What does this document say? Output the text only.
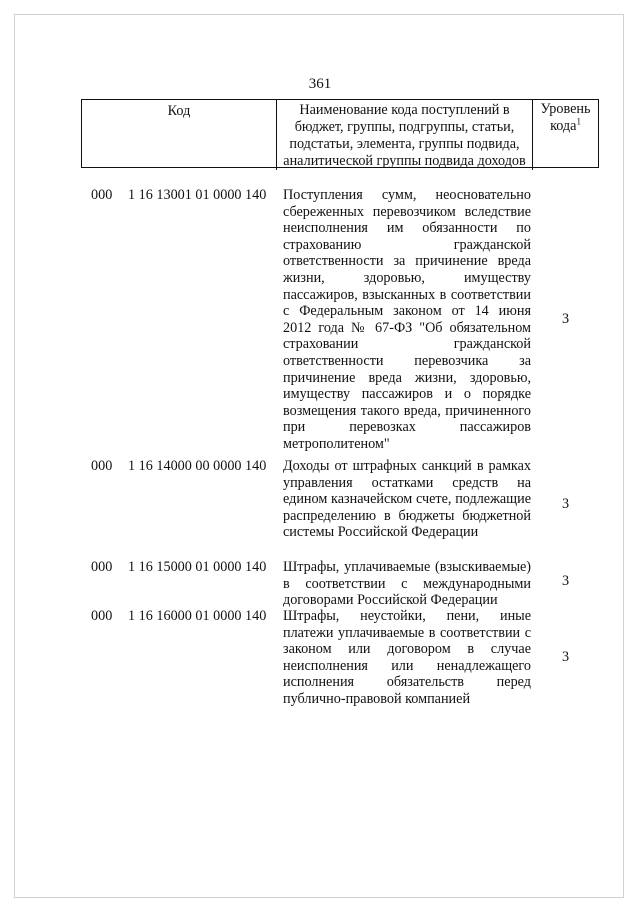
361
Код	Наименование кода поступлений в бюджет, группы, подгруппы, статьи, подстатьи, элемента, группы подвида, аналитической группы подвида доходов
Уровень кода$^1$
000 1 16 13001 01 0000 140 Поступления сумм, неосновательно сбереженных перевозчиком вследствие неисполнения им обязанности по страхованию гражданской ответственности за причинение вреда жизни, здоровью, имуществу пассажиров, взысканных в соответствии с Федеральным законом от 14 июня 2012 года № 67-ФЗ "Об обязательном страховании гражданской ответственности перевозчика за причинение вреда жизни, здоровью, имуществу пассажиров и о порядке возмещения такого вреда, причиненного при перевозках пассажиров метрополитеном"
3
000 1 16 14000 00 0000 140 Доходы от штрафных санкций в рамках управления остатками средств на едином казначейском счете, подлежащие распределению в бюджеты бюджетной системы Российской Федерации
3
000 1 16 15000 01 0000 140 Штрафы, уплачиваемые (взыскиваемые) в соответствии с международными договорами Российской Федерации
3
000 1 16 16000 01 0000 140 Штрафы, неустойки, пени, иные платежи уплачиваемые в соответствии с законом или договором в случае неисполнения или ненадлежащего исполнения обязательств перед публично-правовой компанией
3
